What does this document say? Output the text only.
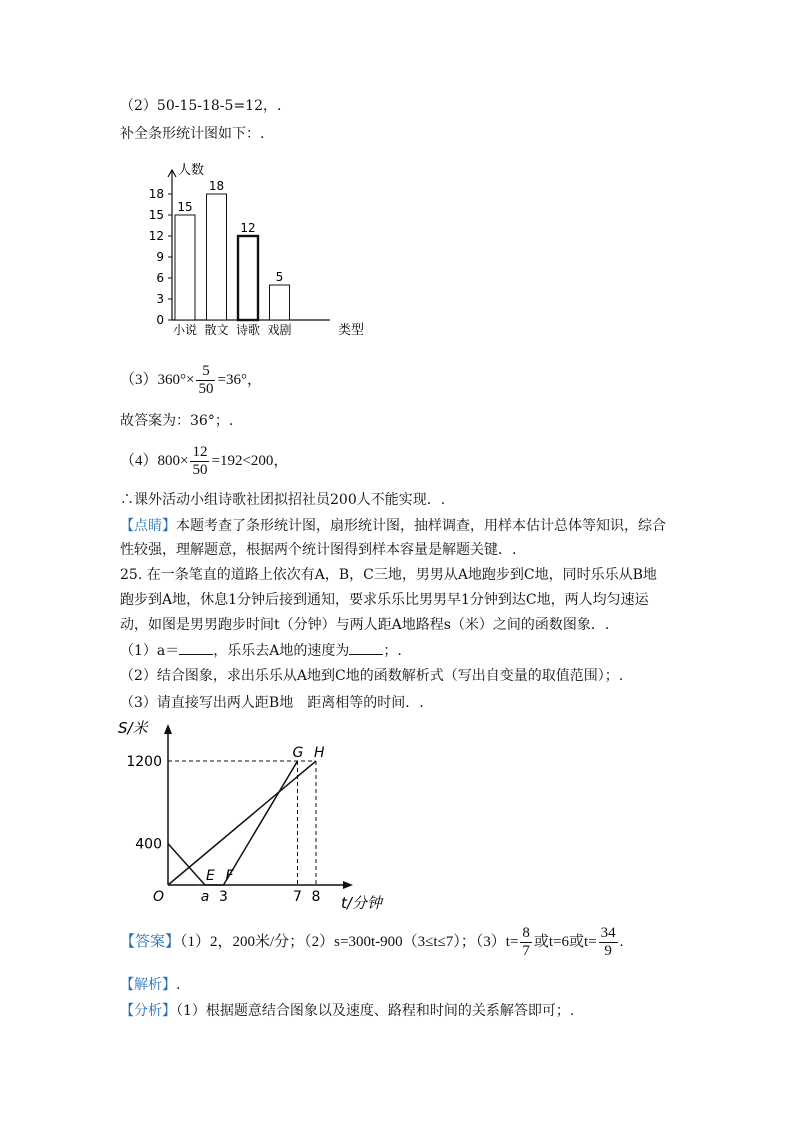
（2）50-15-18-5=12，.
补全条形统计图如下：.
人数
类型
0
3
6
9
12
15
18
15
小说
18
散文
12
诗歌
5
戏剧
$(3)360^\circ\times \frac{5}{50} =36^\circ$，
故答案为：36°；.
$(4)800\times \frac{12}{50} =192<200$，
∴课外活动小组诗歌社团拟招社员200人不能实现．.
【点睛】本题考查了条形统计图，扇形统计图，抽样调查，用样本估计总体等知识，综合
性较强，理解题意，根据两个统计图得到样本容量是解题关键．.
25. 在一条笔直的道路上依次有A，B，C三地，男男从A地跑步到C地，同时乐乐从B地
跑步到A地，休息1分钟后接到通知，要求乐乐比男男早1分钟到达C地，两人均匀速运
动，如图是男男跑步时间t（分钟）与两人距A地路程s（米）之间的函数图象．.
（1）a＝ ，乐乐去A地的速度为 ；.
（2）结合图象，求出乐乐从A地到C地的函数解析式（写出自变量的取值范围）；.
（3）请直接写出两人距B地　距离相等的时间．.
S/米
t/分钟
O
400
1200
a 3	7 8
E F
G H
【答案】（1）2，200米/分；（2）s=300t-900（3≤t≤7）；$(3)t= \frac{8}{7}$ 或t=6或$t= \frac{34}{9}$ .
【解析】.
【分析】（1）根据题意结合图象以及速度、路程和时间的关系解答即可；.
